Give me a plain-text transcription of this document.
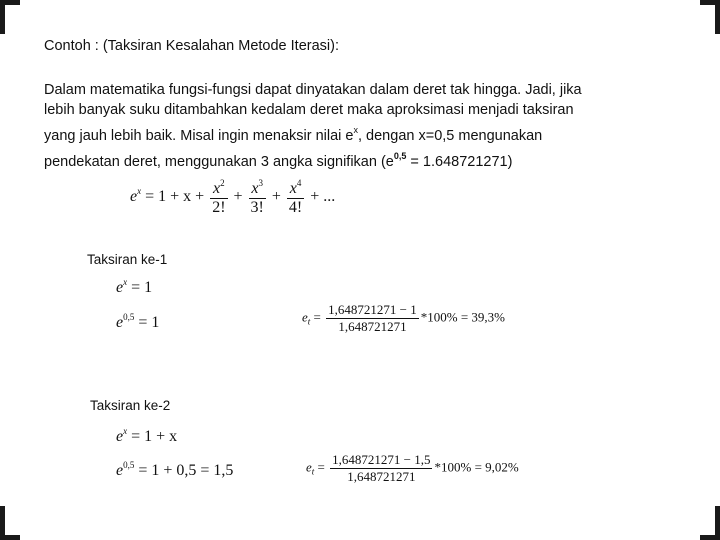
Contoh : (Taksiran Kesalahan Metode Iterasi):
Dalam matematika fungsi-fungsi dapat dinyatakan dalam deret tak hingga. Jadi, jika
lebih banyak suku ditambahkan kedalam deret maka aproksimasi menjadi taksiran
yang jauh lebih baik. Misal ingin menaksir nilai $e^x$, dengan x=0,5 mengunakan
pendekatan deret, menggunakan 3 angka signifikan $(e^{0,5} = 1.648721271)$
$e^x = 1 + x + \frac{x^2}{2!} + \frac{x^3}{3!} + \frac{x^4}{4!}$ + ...
Taksiran ke-1
$e^x = 1$
$e^{0,5} = 1$	$e_t = \frac{1,648721271 - 1}{1,648721271} *100\% = 39,3\%$
Taksiran ke-2
$e^x = 1 + x$
$e^{0,5} = 1 + 0,5 = 1,5$	$e_t = \frac{1,648721271 - 1,5}{1,648721271} *100\% = 9,02\%$
